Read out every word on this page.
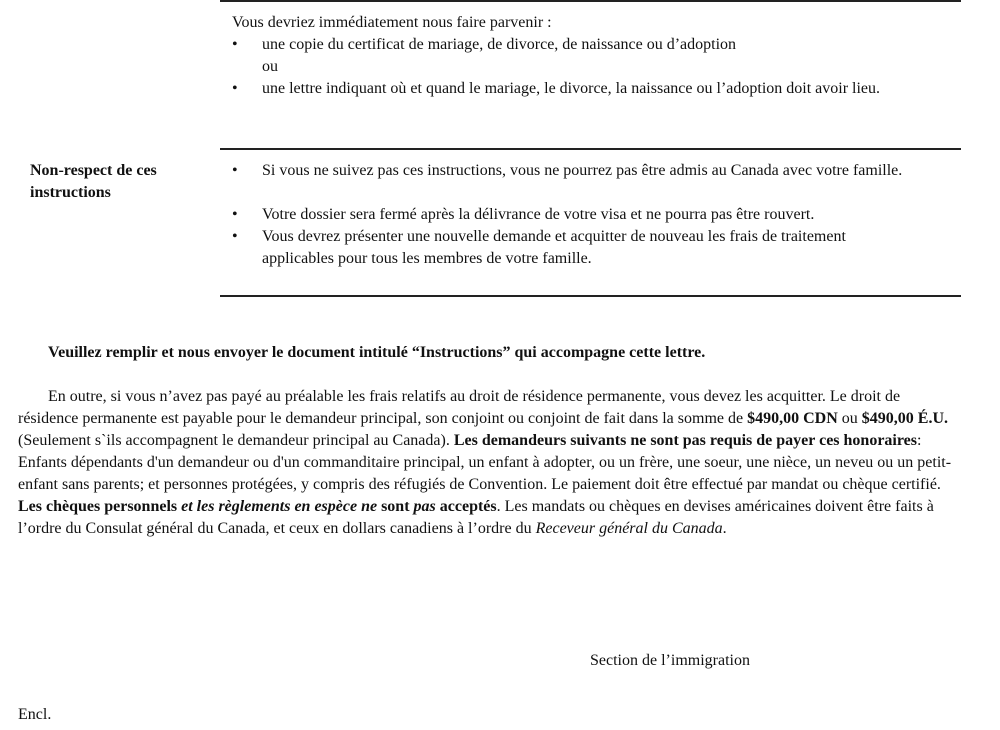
Vous devriez immédiatement nous faire parvenir :
• une copie du certificat de mariage, de divorce, de naissance ou d’adoption
ou
• une lettre indiquant où et quand le mariage, le divorce, la naissance ou l’adoption doit avoir lieu.
Non-respect de ces instructions
• Si vous ne suivez pas ces instructions, vous ne pourrez pas être admis au Canada avec votre famille.
• Votre dossier sera fermé après la délivrance de votre visa et ne pourra pas être rouvert.
• Vous devrez présenter une nouvelle demande et acquitter de nouveau les frais de traitement applicables pour tous les membres de votre famille.

Veuillez remplir et nous envoyer le document intitulé “Instructions” qui accompagne cette lettre.

En outre, si vous n’avez pas payé au préalable les frais relatifs au droit de résidence permanente, vous devez les acquitter. Le droit de résidence permanente est payable pour le demandeur principal, son conjoint ou conjoint de fait dans la somme de $490,00 CDN ou $490,00 É.U. (Seulement s`ils accompagnent le demandeur principal au Canada). Les demandeurs suivants ne sont pas requis de payer ces honoraires: Enfants dépendants d'un demandeur ou d'un commanditaire principal, un enfant à adopter, ou un frère, une soeur, une nièce, un neveu ou un petit-enfant sans parents; et personnes protégées, y compris des réfugiés de Convention. Le paiement doit être effectué par mandat ou chèque certifié. Les chèques personnels et les règlements en espèce ne sont pas acceptés. Les mandats ou chèques en devises américaines doivent être faits à l’ordre du Consulat général du Canada, et ceux en dollars canadiens à l’ordre du Receveur général du Canada.

Section de l’immigration
Encl.
